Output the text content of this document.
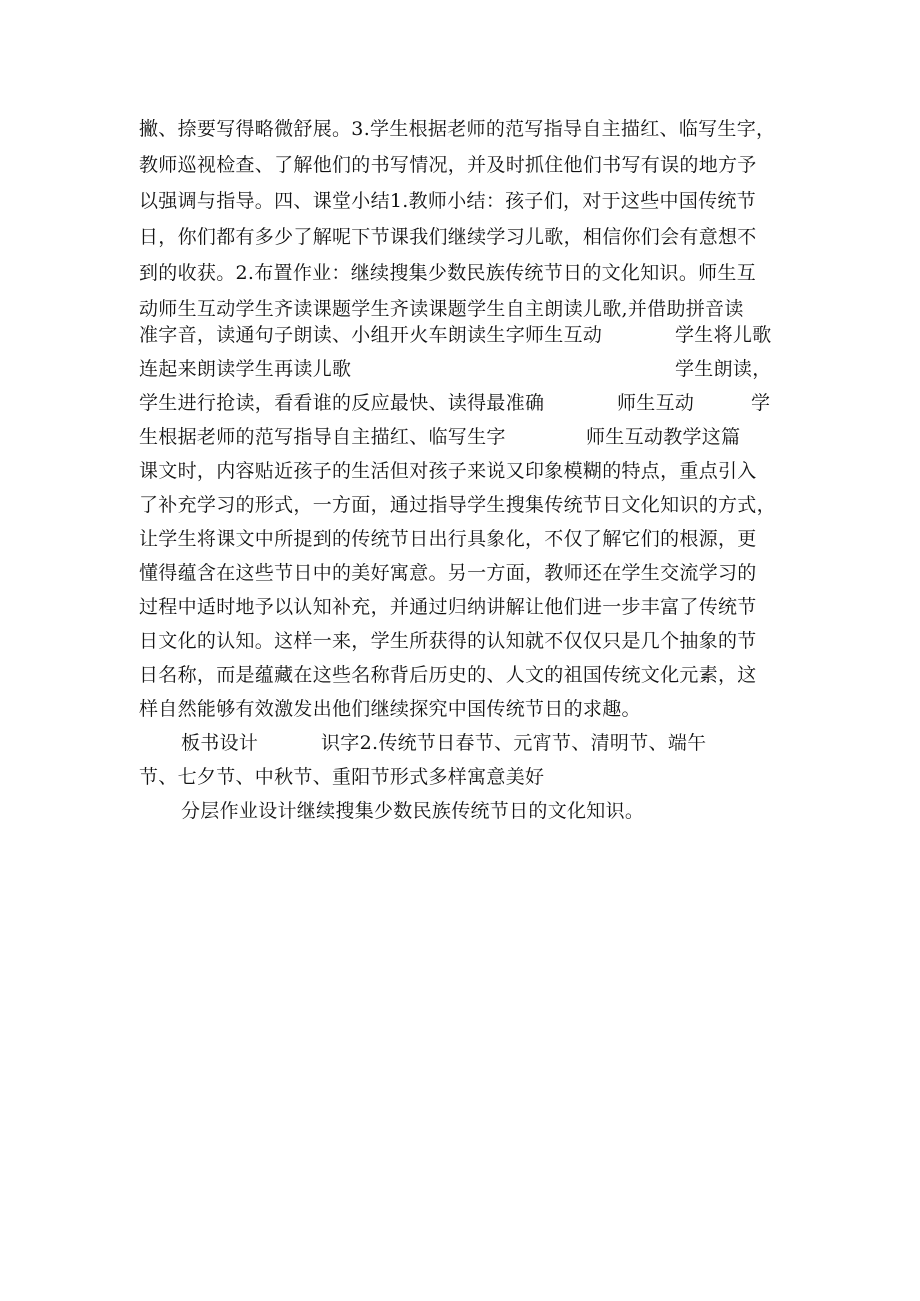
撇、捺要写得略微舒展。3.学生根据老师的范写指导自主描红、临写生字，
教师巡视检查、了解他们的书写情况，并及时抓住他们书写有误的地方予
以强调与指导。四、课堂小结1.教师小结：孩子们，对于这些中国传统节
日，你们都有多少了解呢下节课我们继续学习儿歌，相信你们会有意想不
到的收获。2.布置作业：继续搜集少数民族传统节日的文化知识。师生互
动师生互动学生齐读课题学生齐读课题学生自主朗读儿歌,并借助拼音读
准字音，读通句子朗读、小组开火车朗读生字师生互动	学生将儿歌
连起来朗读学生再读儿歌	学生朗读，
学生进行抢读，看看谁的反应最快、读得最准确	师生互动	学
生根据老师的范写指导自主描红、临写生字	师生互动教学这篇
课文时，内容贴近孩子的生活但对孩子来说又印象模糊的特点，重点引入
了补充学习的形式，一方面，通过指导学生搜集传统节日文化知识的方式，
让学生将课文中所提到的传统节日出行具象化，不仅了解它们的根源，更
懂得蕴含在这些节日中的美好寓意。另一方面，教师还在学生交流学习的
过程中适时地予以认知补充，并通过归纳讲解让他们进一步丰富了传统节
日文化的认知。这样一来，学生所获得的认知就不仅仅只是几个抽象的节
日名称，而是蕴藏在这些名称背后历史的、人文的祖国传统文化元素，这
样自然能够有效激发出他们继续探究中国传统节日的求趣。
板书设计	识字2.传统节日春节、元宵节、清明节、端午
节、七夕节、中秋节、重阳节形式多样寓意美好
分层作业设计继续搜集少数民族传统节日的文化知识。
